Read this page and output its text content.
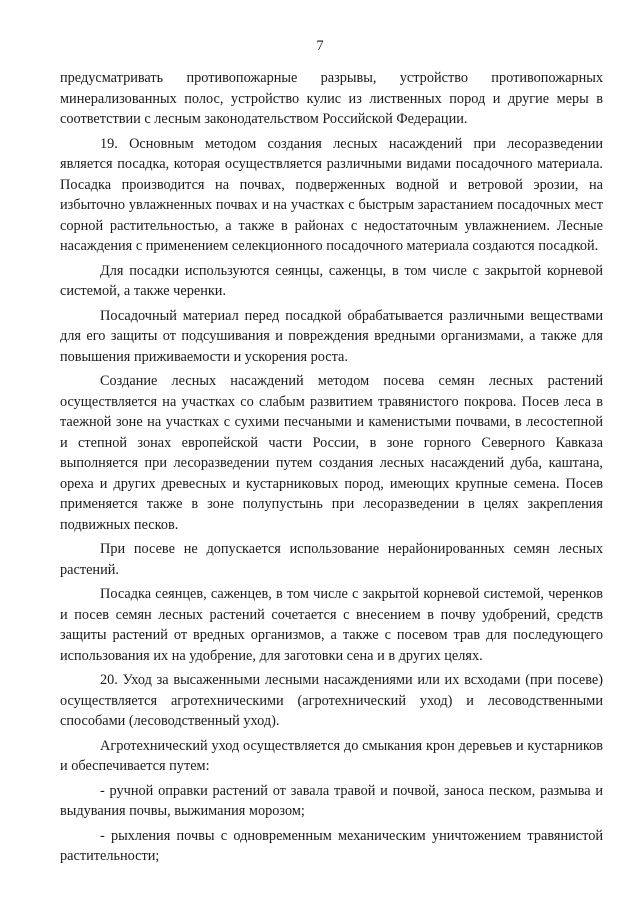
7

предусматривать противопожарные разрывы, устройство противопожарных минерализованных полос, устройство кулис из лиственных пород и другие меры в соответствии с лесным законодательством Российской Федерации.

19. Основным методом создания лесных насаждений при лесоразведении является посадка, которая осуществляется различными видами посадочного материала. Посадка производится на почвах, подверженных водной и ветровой эрозии, на избыточно увлажненных почвах и на участках с быстрым зарастанием посадочных мест сорной растительностью, а также в районах с недостаточным увлажнением. Лесные насаждения с применением селекционного посадочного материала создаются посадкой.

Для посадки используются сеянцы, саженцы, в том числе с закрытой корневой системой, а также черенки.

Посадочный материал перед посадкой обрабатывается различными веществами для его защиты от подсушивания и повреждения вредными организмами, а также для повышения приживаемости и ускорения роста.

Создание лесных насаждений методом посева семян лесных растений осуществляется на участках со слабым развитием травянистого покрова. Посев леса в таежной зоне на участках с сухими песчаными и каменистыми почвами, в лесостепной и степной зонах европейской части России, в зоне горного Северного Кавказа выполняется при лесоразведении путем создания лесных насаждений дуба, каштана, ореха и других древесных и кустарниковых пород, имеющих крупные семена. Посев применяется также в зоне полупустынь при лесоразведении в целях закрепления подвижных песков.

При посеве не допускается использование нерайонированных семян лесных растений.

Посадка сеянцев, саженцев, в том числе с закрытой корневой системой, черенков и посев семян лесных растений сочетается с внесением в почву удобрений, средств защиты растений от вредных организмов, а также с посевом трав для последующего использования их на удобрение, для заготовки сена и в других целях.

20. Уход за высаженными лесными насаждениями или их всходами (при посеве) осуществляется агротехническими (агротехнический уход) и лесоводственными способами (лесоводственный уход).

Агротехнический уход осуществляется до смыкания крон деревьев и кустарников и обеспечивается путем:

- ручной оправки растений от завала травой и почвой, заноса песком, размыва и выдувания почвы, выжимания морозом;

- рыхления почвы с одновременным механическим уничтожением травянистой растительности;
